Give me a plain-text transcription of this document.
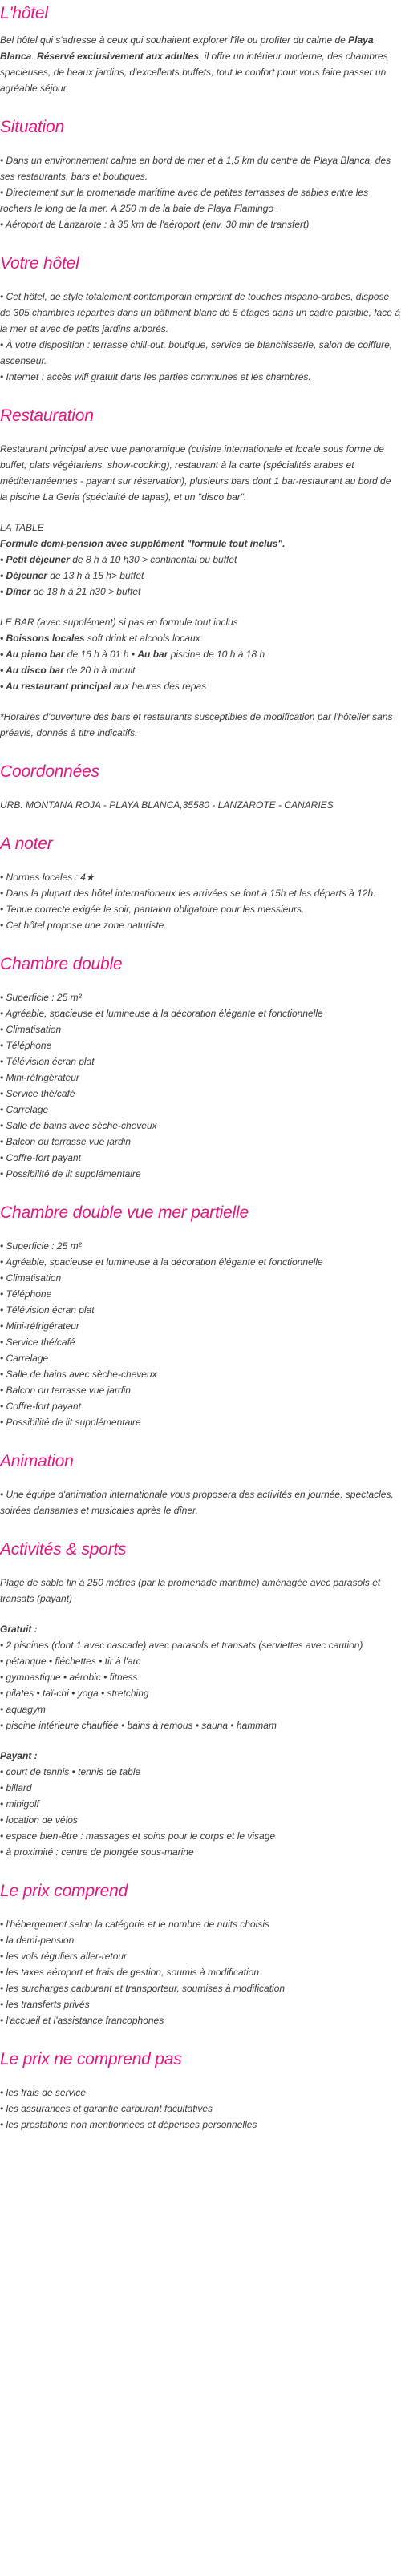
L'hôtel

Bel hôtel qui s'adresse à ceux qui souhaitent explorer l'île ou profiter du calme de Playa Blanca. Réservé exclusivement aux adultes, il offre un intérieur moderne, des chambres spacieuses, de beaux jardins, d'excellents buffets, tout le confort pour vous faire passer un agréable séjour.

Situation
• Dans un environnement calme en bord de mer et à 1,5 km du centre de Playa Blanca, des ses restaurants, bars et boutiques.
• Directement sur la promenade maritime avec de petites terrasses de sables entre les rochers le long de la mer. À 250 m de la baie de Playa Flamingo .
• Aéroport de Lanzarote : à 35 km de l'aéroport (env. 30 min de transfert).
Votre hôtel
• Cet hôtel, de style totalement contemporain empreint de touches hispano-arabes, dispose de 305 chambres réparties dans un bâtiment blanc de 5 étages dans un cadre paisible, face à la mer et avec de petits jardins arborés.
• À votre disposition : terrasse chill-out, boutique, service de blanchisserie, salon de coiffure, ascenseur.
• Internet : accès wifi gratuit dans les parties communes et les chambres.
Restauration

Restaurant principal avec vue panoramique (cuisine internationale et locale sous forme de buffet, plats végétariens, show-cooking), restaurant à la carte (spécialités arabes et méditerranéennes - payant sur réservation), plusieurs bars dont 1 bar-restaurant au bord de la piscine La Geria (spécialité de tapas), et un "disco bar".

LA TABLE
Formule demi-pension avec supplément "formule tout inclus".
• Petit déjeuner de 8 h à 10 h30 > continental ou buffet
• Déjeuner de 13 h à 15 h> buffet
• Dîner de 18 h à 21 h30 > buffet
LE BAR (avec supplément) si pas en formule tout inclus
• Boissons locales soft drink et alcools locaux
• Au piano bar de 16 h à 01 h • Au bar piscine de 10 h à 18 h
• Au disco bar de 20 h à minuit
• Au restaurant principal aux heures des repas

*Horaires d'ouverture des bars et restaurants susceptibles de modification par l'hôtelier sans préavis, donnés à titre indicatifs.

Coordonnées

URB. MONTANA ROJA - PLAYA BLANCA,35580 - LANZAROTE - CANARIES

A noter
• Normes locales : 4★
• Dans la plupart des hôtel internationaux les arrivées se font à 15h et les départs à 12h.
• Tenue correcte exigée le soir, pantalon obligatoire pour les messieurs.
• Cet hôtel propose une zone naturiste.
Chambre double
• Superficie : 25 m²
• Agréable, spacieuse et lumineuse à la décoration élégante et fonctionnelle
• Climatisation
• Téléphone
• Télévision écran plat
• Mini-réfrigérateur
• Service thé/café
• Carrelage
• Salle de bains avec sèche-cheveux
• Balcon ou terrasse vue jardin
• Coffre-fort payant
• Possibilité de lit supplémentaire
Chambre double vue mer partielle
• Superficie : 25 m²
• Agréable, spacieuse et lumineuse à la décoration élégante et fonctionnelle
• Climatisation
• Téléphone
• Télévision écran plat
• Mini-réfrigérateur
• Service thé/café
• Carrelage
• Salle de bains avec sèche-cheveux
• Balcon ou terrasse vue jardin
• Coffre-fort payant
• Possibilité de lit supplémentaire
Animation

• Une équipe d'animation internationale vous proposera des activités en journée, spectacles, soirées dansantes et musicales après le dîner.

Activités & sports

Plage de sable fin à 250 mètres (par la promenade maritime) aménagée avec parasols et transats (payant)

Gratuit :
• 2 piscines (dont 1 avec cascade) avec parasols et transats (serviettes avec caution)
• pétanque • fléchettes • tir à l'arc
• gymnastique • aérobic • fitness
• pilates • taï-chi • yoga • stretching
• aquagym
• piscine intérieure chauffée • bains à remous • sauna • hammam
Payant :
• court de tennis • tennis de table
• billard
• minigolf
• location de vélos
• espace bien-être : massages et soins pour le corps et le visage
• à proximité : centre de plongée sous-marine
Le prix comprend
• l'hébergement selon la catégorie et le nombre de nuits choisis
• la demi-pension
• les vols réguliers aller-retour
• les taxes aéroport et frais de gestion, soumis à modification
• les surcharges carburant et transporteur, soumises à modification
• les transferts privés
• l'accueil et l'assistance francophones
Le prix ne comprend pas
• les frais de service
• les assurances et garantie carburant facultatives
• les prestations non mentionnées et dépenses personnelles
